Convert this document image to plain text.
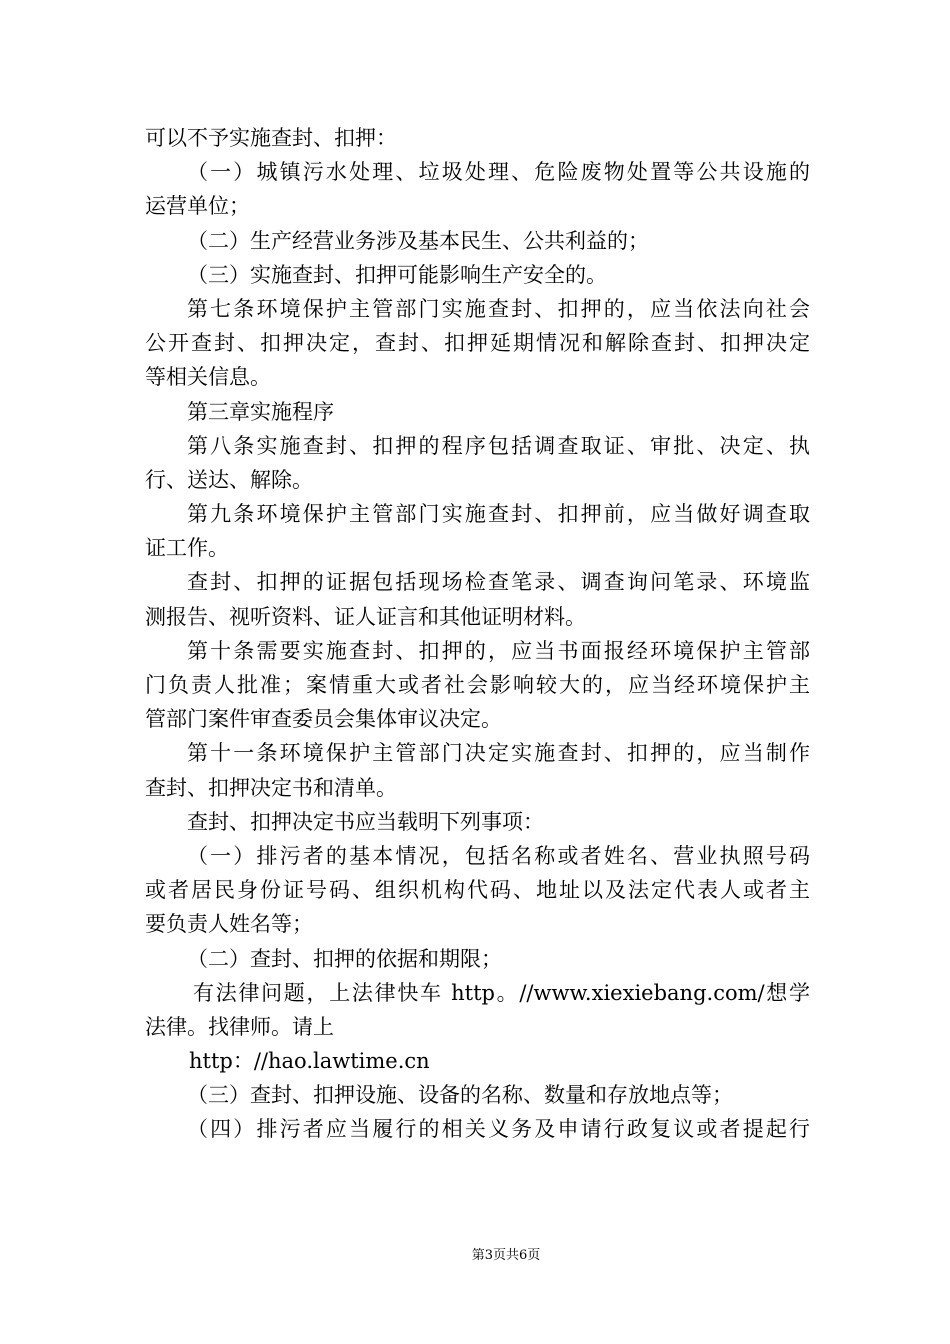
可以不予实施查封、扣押：
（一）城镇污水处理、垃圾处理、危险废物处置等公共设施的
运营单位；
（二）生产经营业务涉及基本民生、公共利益的；
（三）实施查封、扣押可能影响生产安全的。
第七条环境保护主管部门实施查封、扣押的，应当依法向社会
公开查封、扣押决定，查封、扣押延期情况和解除查封、扣押决定
等相关信息。
第三章实施程序
第八条实施查封、扣押的程序包括调查取证、审批、决定、执
行、送达、解除。
第九条环境保护主管部门实施查封、扣押前，应当做好调查取
证工作。
查封、扣押的证据包括现场检查笔录、调查询问笔录、环境监
测报告、视听资料、证人证言和其他证明材料。
第十条需要实施查封、扣押的，应当书面报经环境保护主管部
门负责人批准；案情重大或者社会影响较大的，应当经环境保护主
管部门案件审查委员会集体审议决定。
第十一条环境保护主管部门决定实施查封、扣押的，应当制作
查封、扣押决定书和清单。
查封、扣押决定书应当载明下列事项：
（一）排污者的基本情况，包括名称或者姓名、营业执照号码
或者居民身份证号码、组织机构代码、地址以及法定代表人或者主
要负责人姓名等；
（二）查封、扣押的依据和期限；
有法律问题，上法律快车 http。//www.xiexiebang.com/想学
法律。找律师。请上
http：//hao.lawtime.cn
（三）查封、扣押设施、设备的名称、数量和存放地点等；
（四）排污者应当履行的相关义务及申请行政复议或者提起行
第3页共6页
